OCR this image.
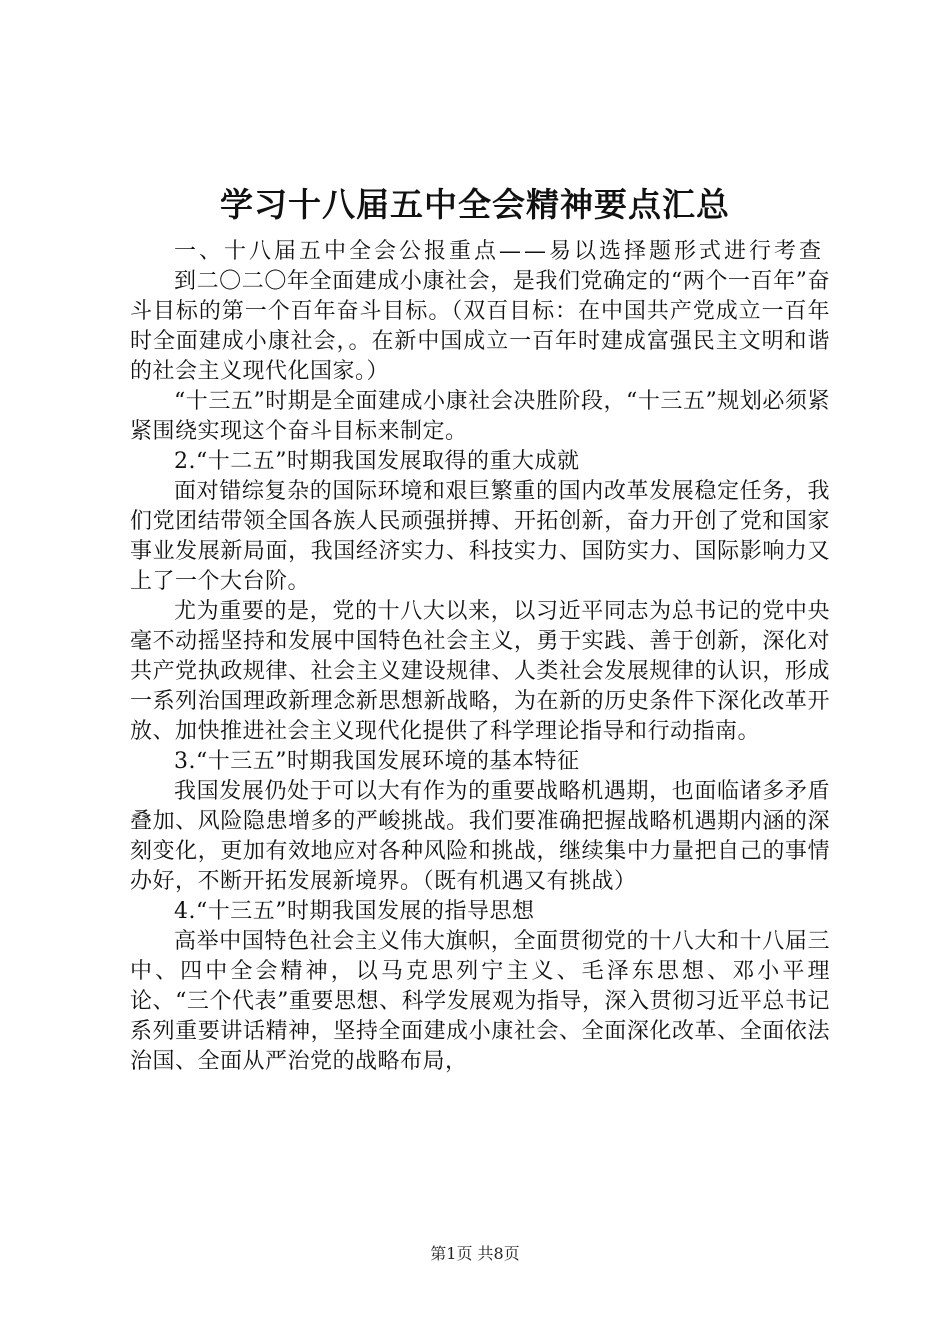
学习十八届五中全会精神要点汇总

一、十八届五中全会公报重点——易以选择题形式进行考查

到二〇二〇年全面建成小康社会，是我们党确定的“两个一百年”奋斗目标的第一个百年奋斗目标。（双百目标：在中国共产党成立一百年时全面建成小康社会，。在新中国成立一百年时建成富强民主文明和谐的社会主义现代化国家。）

“十三五”时期是全面建成小康社会决胜阶段，“十三五”规划必须紧紧围绕实现这个奋斗目标来制定。

2.“十二五”时期我国发展取得的重大成就

面对错综复杂的国际环境和艰巨繁重的国内改革发展稳定任务，我们党团结带领全国各族人民顽强拼搏、开拓创新，奋力开创了党和国家事业发展新局面，我国经济实力、科技实力、国防实力、国际影响力又上了一个大台阶。

尤为重要的是，党的十八大以来，以习近平同志为总书记的党中央毫不动摇坚持和发展中国特色社会主义，勇于实践、善于创新，深化对共产党执政规律、社会主义建设规律、人类社会发展规律的认识，形成一系列治国理政新理念新思想新战略，为在新的历史条件下深化改革开放、加快推进社会主义现代化提供了科学理论指导和行动指南。

3.“十三五”时期我国发展环境的基本特征

我国发展仍处于可以大有作为的重要战略机遇期，也面临诸多矛盾叠加、风险隐患增多的严峻挑战。我们要准确把握战略机遇期内涵的深刻变化，更加有效地应对各种风险和挑战，继续集中力量把自己的事情办好，不断开拓发展新境界。（既有机遇又有挑战）

4.“十三五”时期我国发展的指导思想

高举中国特色社会主义伟大旗帜，全面贯彻党的十八大和十八届三中、四中全会精神，以马克思列宁主义、毛泽东思想、邓小平理论、“三个代表”重要思想、科学发展观为指导，深入贯彻习近平总书记系列重要讲话精神，坚持全面建成小康社会、全面深化改革、全面依法治国、全面从严治党的战略布局，

第1页 共8页
